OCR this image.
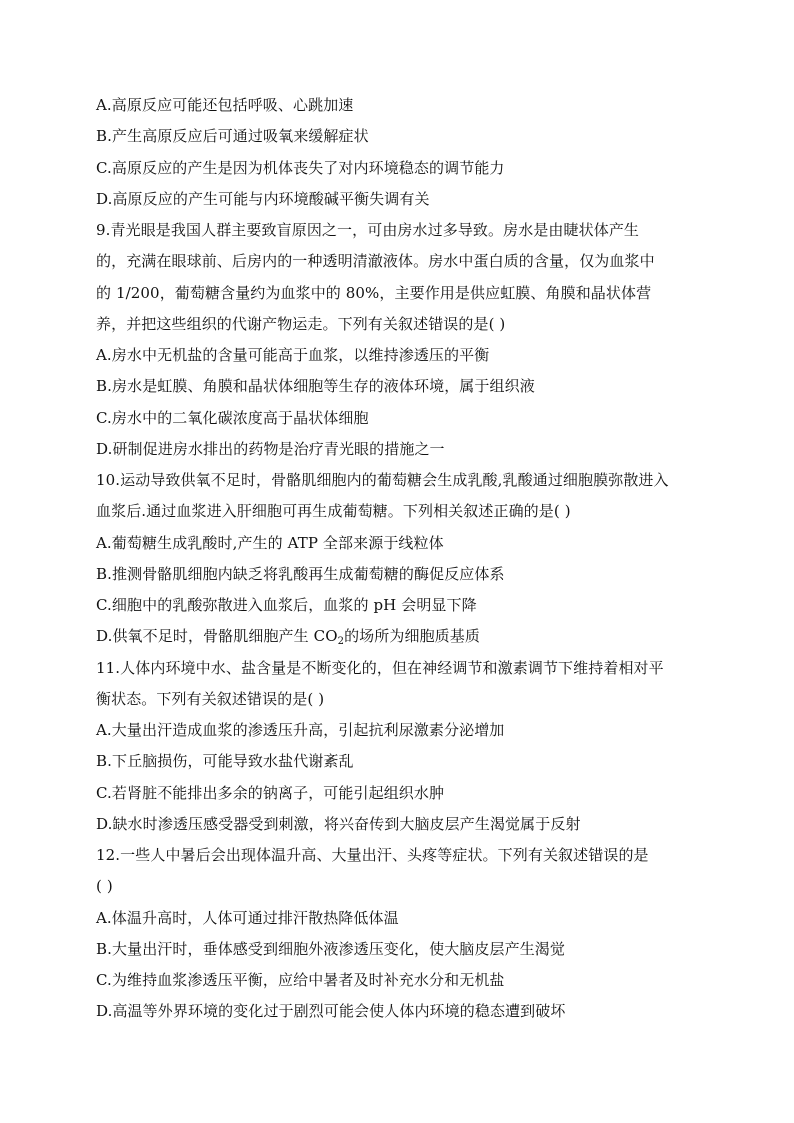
A.高原反应可能还包括呼吸、心跳加速
B.产生高原反应后可通过吸氧来缓解症状
C.高原反应的产生是因为机体丧失了对内环境稳态的调节能力
D.高原反应的产生可能与内环境酸碱平衡失调有关
9.青光眼是我国人群主要致盲原因之一，可由房水过多导致。房水是由睫状体产生
的，充满在眼球前、后房内的一种透明清澈液体。房水中蛋白质的含量，仅为血浆中
的 1/200，葡萄糖含量约为血浆中的 80%，主要作用是供应虹膜、角膜和晶状体营
养，并把这些组织的代谢产物运走。下列有关叙述错误的是( )
A.房水中无机盐的含量可能高于血浆，以维持渗透压的平衡
B.房水是虹膜、角膜和晶状体细胞等生存的液体环境，属于组织液
C.房水中的二氧化碳浓度高于晶状体细胞
D.研制促进房水排出的药物是治疗青光眼的措施之一
10.运动导致供氧不足时，骨骼肌细胞内的葡萄糖会生成乳酸,乳酸通过细胞膜弥散进入
血浆后.通过血浆进入肝细胞可再生成葡萄糖。下列相关叙述正确的是( )
A.葡萄糖生成乳酸时,产生的 ATP 全部来源于线粒体
B.推测骨骼肌细胞内缺乏将乳酸再生成葡萄糖的酶促反应体系
C.细胞中的乳酸弥散进入血浆后，血浆的 pH 会明显下降
D.供氧不足时，骨骼肌细胞产生 $CO_2$的场所为细胞质基质
11.人体内环境中水、盐含量是不断变化的，但在神经调节和激素调节下维持着相对平
衡状态。下列有关叙述错误的是( )
A.大量出汗造成血浆的渗透压升高，引起抗利尿激素分泌增加
B.下丘脑损伤，可能导致水盐代谢紊乱
C.若肾脏不能排出多余的钠离子，可能引起组织水肿
D.缺水时渗透压感受器受到刺激，将兴奋传到大脑皮层产生渴觉属于反射
12.一些人中暑后会出现体温升高、大量出汗、头疼等症状。下列有关叙述错误的是
( )
A.体温升高时，人体可通过排汗散热降低体温
B.大量出汗时，垂体感受到细胞外液渗透压变化，使大脑皮层产生渴觉
C.为维持血浆渗透压平衡，应给中暑者及时补充水分和无机盐
D.高温等外界环境的变化过于剧烈可能会使人体内环境的稳态遭到破坏
